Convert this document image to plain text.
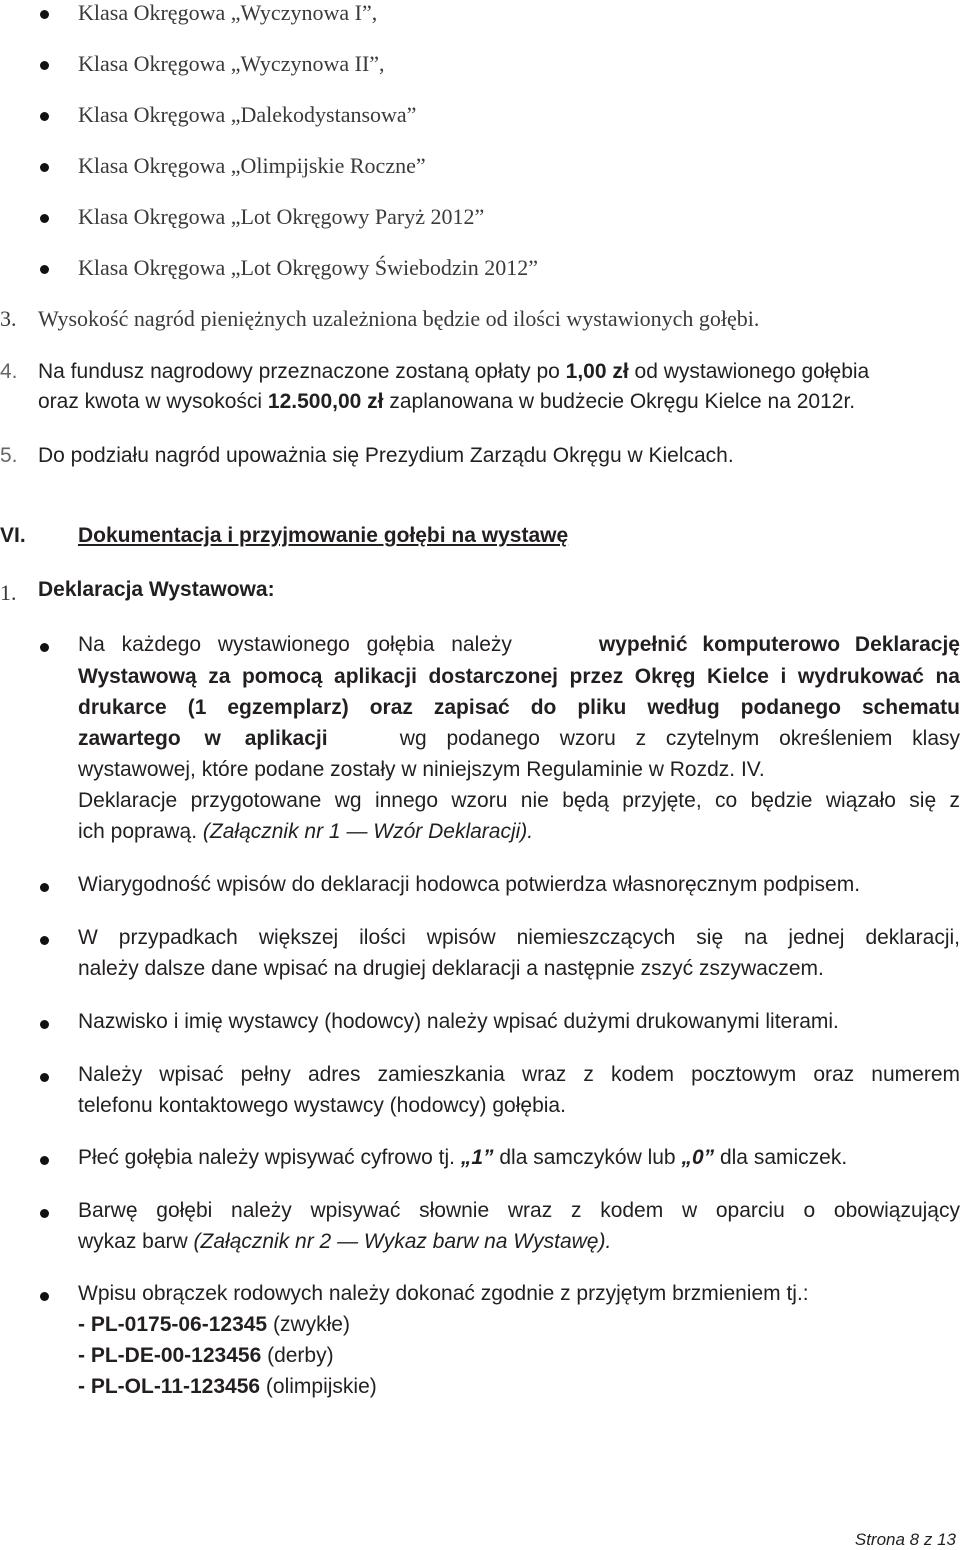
Klasa Okręgowa „Wyczynowa I”,
Klasa Okręgowa „Wyczynowa II”,
Klasa Okręgowa „Dalekodystansowa”
Klasa Okręgowa „Olimpijskie Roczne”
Klasa Okręgowa „Lot Okręgowy Paryż 2012”
Klasa Okręgowa „Lot Okręgowy Świebodzin 2012”
3. Wysokość nagród pieniężnych uzależniona będzie od ilości wystawionych gołębi.
4. Na fundusz nagrodowy przeznaczone zostaną opłaty po 1,00 zł od wystawionego gołębia
oraz kwota w wysokości 12.500,00 zł zaplanowana w budżecie Okręgu Kielce na 2012r.
5. Do podziału nagród upoważnia się Prezydium Zarządu Okręgu w Kielcach.
VI. Dokumentacja i przyjmowanie gołębi na wystawę
1. Deklaracja Wystawowa:
Na każdego wystawionego gołębia należy	wypełnić komputerowo Deklarację
Wystawową za pomocą aplikacji dostarczonej przez Okręg Kielce i wydrukować na
drukarce (1 egzemplarz) oraz zapisać do pliku według podanego schematu
zawartego w aplikacji wg podanego wzoru z czytelnym określeniem klasy
wystawowej, które podane zostały w niniejszym Regulaminie w Rozdz. IV.
Deklaracje przygotowane wg innego wzoru nie będą przyjęte, co będzie wiązało się z
ich poprawą. (Załącznik nr 1 — Wzór Deklaracji).
Wiarygodność wpisów do deklaracji hodowca potwierdza własnoręcznym podpisem.
W przypadkach większej ilości wpisów niemieszczących się na jednej deklaracji,
należy dalsze dane wpisać na drugiej deklaracji a następnie zszyć zszywaczem.
Nazwisko i imię wystawcy (hodowcy) należy wpisać dużymi drukowanymi literami.
Należy wpisać pełny adres zamieszkania wraz z kodem pocztowym oraz numerem
telefonu kontaktowego wystawcy (hodowcy) gołębia.
Płeć gołębia należy wpisywać cyfrowo tj. „1” dla samczyków lub „0” dla samiczek.
Barwę gołębi należy wpisywać słownie wraz z kodem w oparciu o obowiązujący
wykaz barw (Załącznik nr 2 — Wykaz barw na Wystawę).
Wpisu obrączek rodowych należy dokonać zgodnie z przyjętym brzmieniem tj.:
- PL-0175-06-12345 (zwykłe)
- PL-DE-00-123456 (derby)
- PL-OL-11-123456 (olimpijskie)
Strona 8 z 13
